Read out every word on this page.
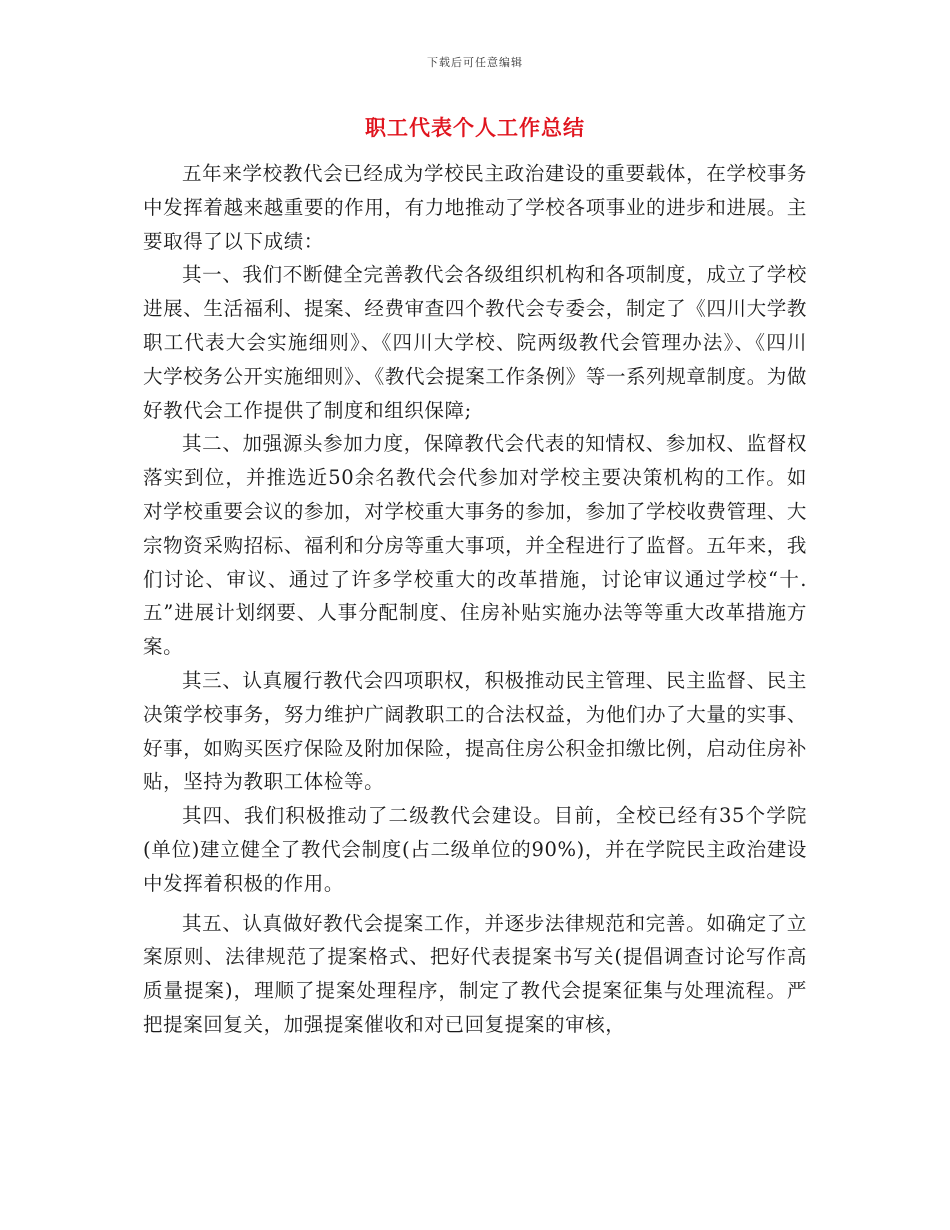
下载后可任意编辑
职工代表个人工作总结

五年来学校教代会已经成为学校民主政治建设的重要载体，在学校事务中发挥着越来越重要的作用，有力地推动了学校各项事业的进步和进展。主要取得了以下成绩：

其一、我们不断健全完善教代会各级组织机构和各项制度，成立了学校进展、生活福利、提案、经费审查四个教代会专委会，制定了《四川大学教职工代表大会实施细则》、《四川大学校、院两级教代会管理办法》、《四川大学校务公开实施细则》、《教代会提案工作条例》等一系列规章制度。为做好教代会工作提供了制度和组织保障;

其二、加强源头参加力度，保障教代会代表的知情权、参加权、监督权落实到位，并推选近50余名教代会代参加对学校主要决策机构的工作。如对学校重要会议的参加，对学校重大事务的参加，参加了学校收费管理、大宗物资采购招标、福利和分房等重大事项，并全程进行了监督。五年来，我们讨论、审议、通过了许多学校重大的改革措施，讨论审议通过学校“十.五”进展计划纲要、人事分配制度、住房补贴实施办法等等重大改革措施方案。

其三、认真履行教代会四项职权，积极推动民主管理、民主监督、民主决策学校事务，努力维护广阔教职工的合法权益，为他们办了大量的实事、好事，如购买医疗保险及附加保险，提高住房公积金扣缴比例，启动住房补贴，坚持为教职工体检等。

其四、我们积极推动了二级教代会建设。目前，全校已经有35个学院(单位)建立健全了教代会制度(占二级单位的90%)，并在学院民主政治建设中发挥着积极的作用。

其五、认真做好教代会提案工作，并逐步法律规范和完善。如确定了立案原则、法律规范了提案格式、把好代表提案书写关(提倡调查讨论写作高质量提案)，理顺了提案处理程序，制定了教代会提案征集与处理流程。严把提案回复关，加强提案催收和对已回复提案的审核，
